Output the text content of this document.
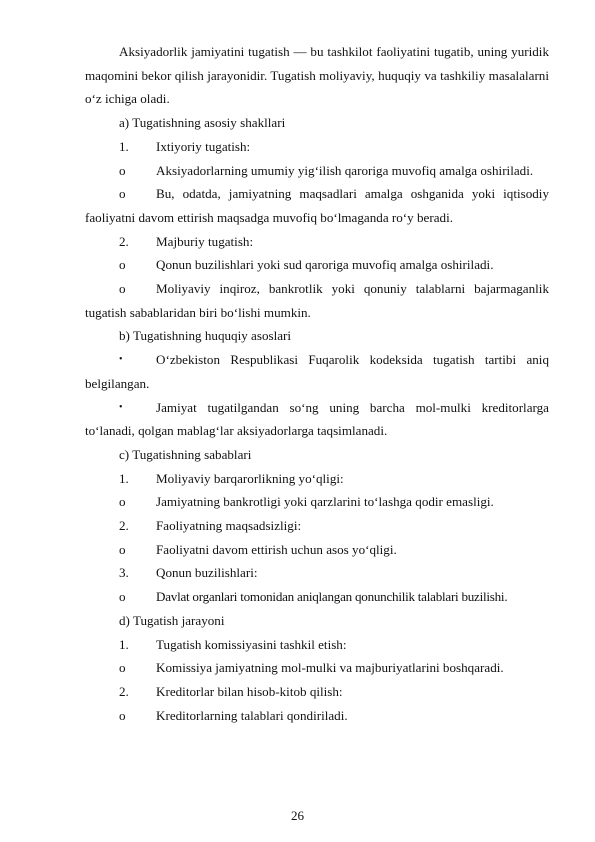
Aksiyadorlik jamiyatini tugatish — bu tashkilot faoliyatini tugatib, uning yuridik maqomini bekor qilish jarayonidir. Tugatish moliyaviy, huquqiy va tashkiliy masalalarni o‘z ichiga oladi.

a) Tugatishning asosiy shakllari

1. Ixtiyoriy tugatish:

o Aksiyadorlarning umumiy yig‘ilish qaroriga muvofiq amalga oshiriladi.

o Bu, odatda, jamiyatning maqsadlari amalga oshganida yoki iqtisodiy faoliyatni davom ettirish maqsadga muvofiq bo‘lmaganda ro‘y beradi.

2. Majburiy tugatish:
o Qonun buzilishlari yoki sud qaroriga muvofiq amalga oshiriladi.

o Moliyaviy inqiroz, bankrotlik yoki qonuniy talablarni bajarmaganlik tugatish sabablaridan biri bo‘lishi mumkin.

b) Tugatishning huquqiy asoslari

•	O‘zbekiston Respublikasi Fuqarolik kodeksida tugatish tartibi aniq belgilangan.

•	Jamiyat tugatilgandan so‘ng uning barcha mol-mulki kreditorlarga to‘lanadi, qolgan mablag‘lar aksiyadorlarga taqsimlanadi.

c) Tugatishning sabablari

1. Moliyaviy barqarorlikning yo‘qligi:
o Jamiyatning bankrotligi yoki qarzlarini to‘lashga qodir emasligi.
2. Faoliyatning maqsadsizligi:
o Faoliyatni davom ettirish uchun asos yo‘qligi.
3. Qonun buzilishlari:
o Davlat organlari tomonidan aniqlangan qonunchilik talablari buzilishi.

d) Tugatish jarayoni

1. Tugatish komissiyasini tashkil etish:
o Komissiya jamiyatning mol-mulki va majburiyatlarini boshqaradi.
2. Kreditorlar bilan hisob-kitob qilish:
o Kreditorlarning talablari qondiriladi.
26
